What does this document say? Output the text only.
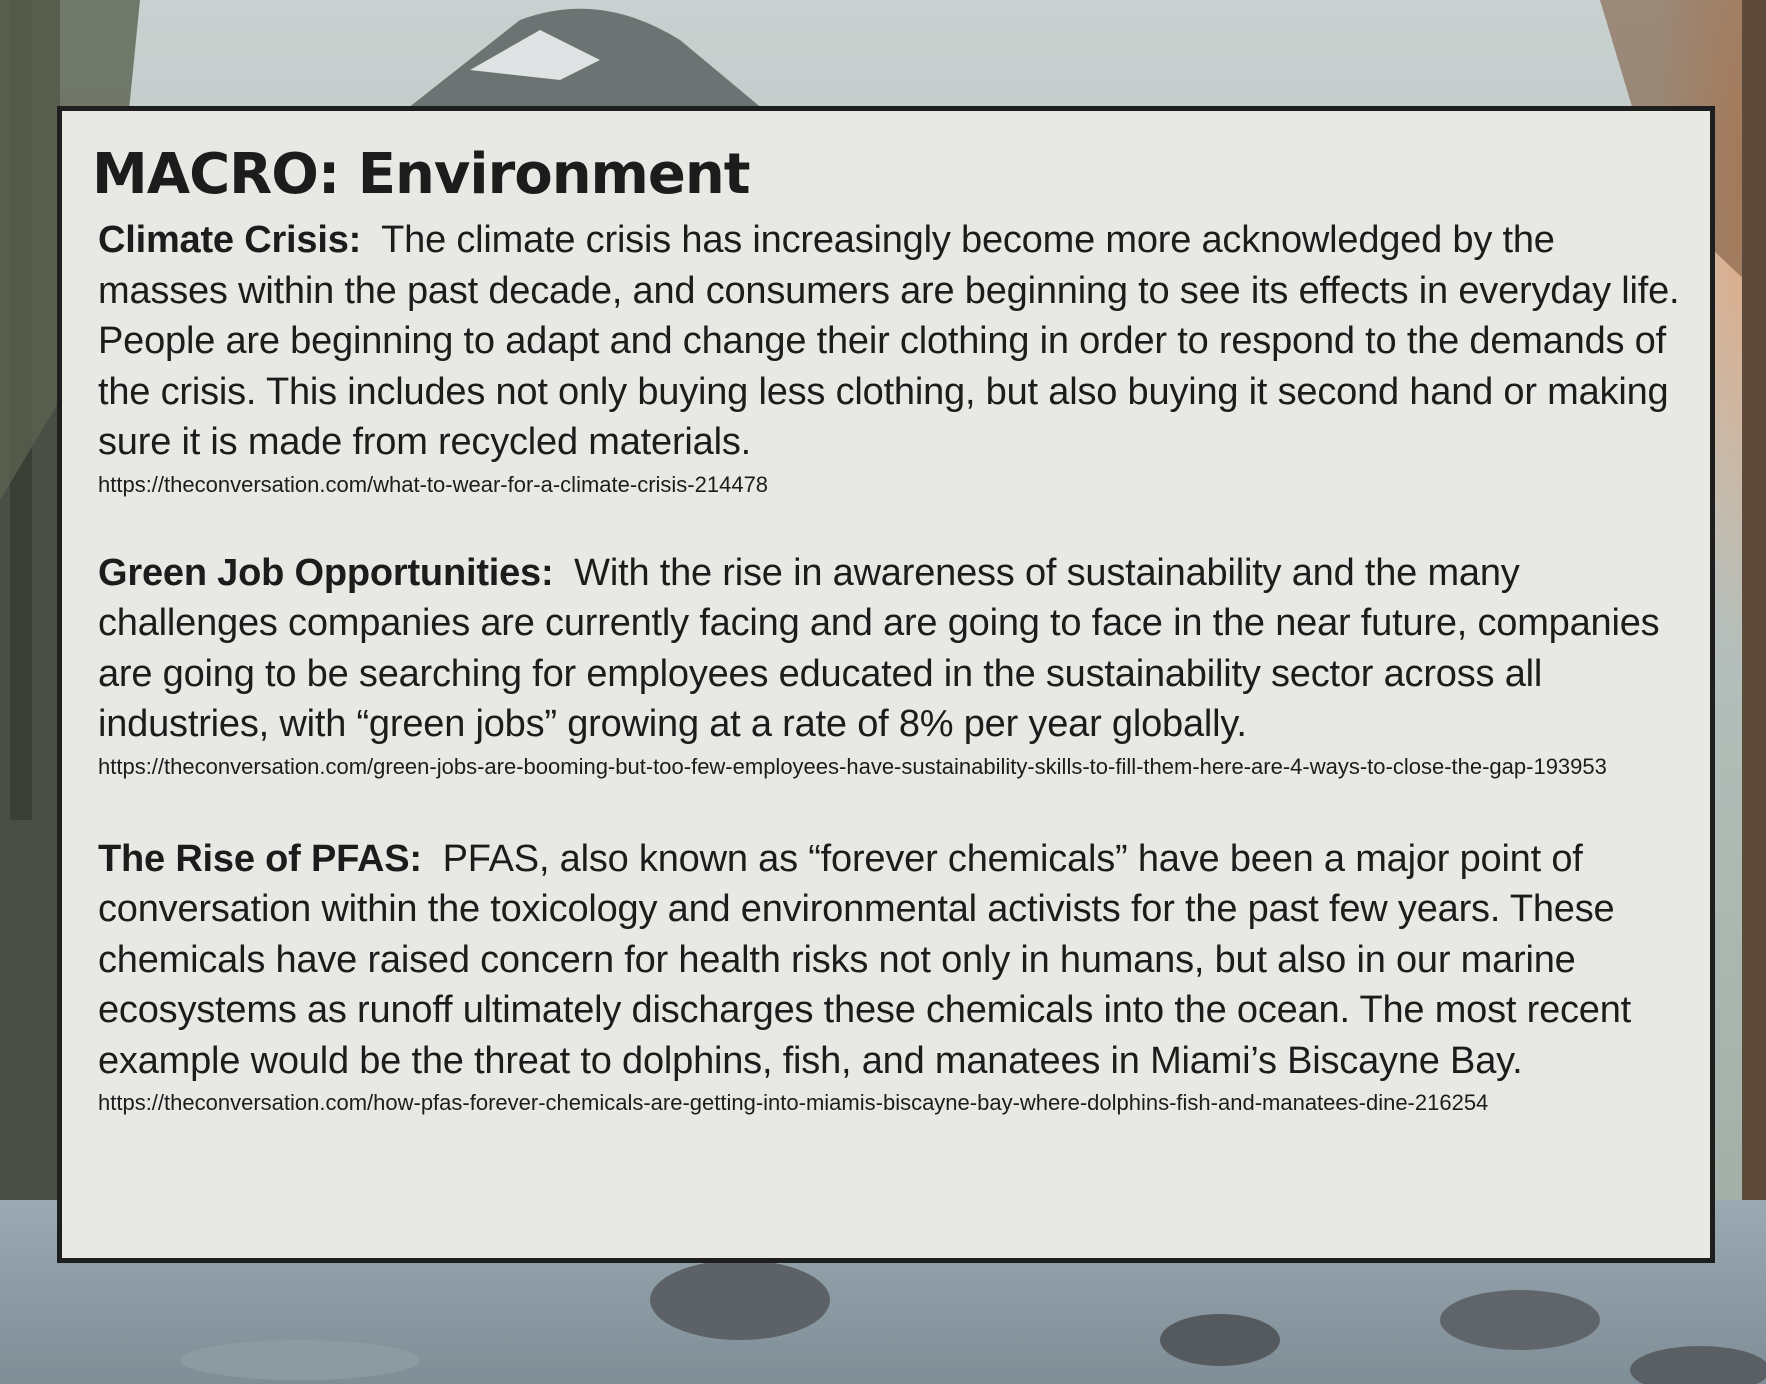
MACRO: Environment

Climate Crisis: The climate crisis has increasingly become more acknowledged by the masses within the past decade, and consumers are beginning to see its effects in everyday life. People are beginning to adapt and change their clothing in order to respond to the demands of the crisis. This includes not only buying less clothing, but also buying it second hand or making sure it is made from recycled materials.

https://theconversation.com/what-to-wear-for-a-climate-crisis-214478

Green Job Opportunities: With the rise in awareness of sustainability and the many challenges companies are currently facing and are going to face in the near future, companies are going to be searching for employees educated in the sustainability sector across all industries, with “green jobs” growing at a rate of 8% per year globally.

https://theconversation.com/green-jobs-are-booming-but-too-few-employees-have-sustainability-skills-to-fill-them-here-are-4-ways-to-close-the-gap-193953

The Rise of PFAS: PFAS, also known as “forever chemicals” have been a major point of conversation within the toxicology and environmental activists for the past few years. These chemicals have raised concern for health risks not only in humans, but also in our marine ecosystems as runoff ultimately discharges these chemicals into the ocean. The most recent example would be the threat to dolphins, fish, and manatees in Miami’s Biscayne Bay.

https://theconversation.com/how-pfas-forever-chemicals-are-getting-into-miamis-biscayne-bay-where-dolphins-fish-and-manatees-dine-216254
